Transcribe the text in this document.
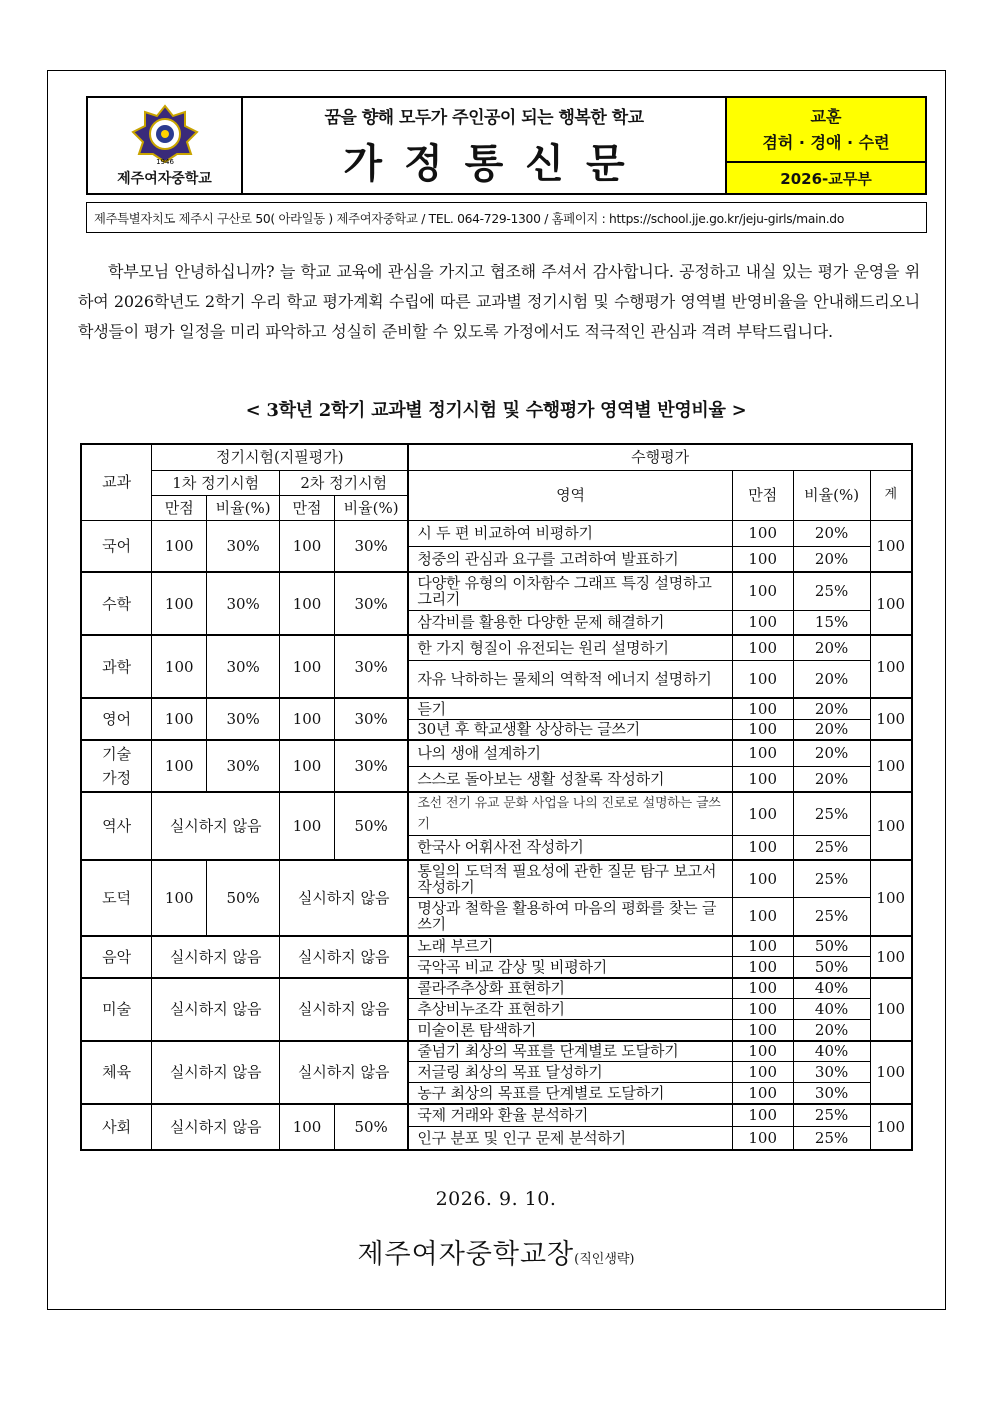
1946
제주여자중학교
꿈을 향해 모두가 주인공이 되는 행복한 학교
가정통신문
교훈
겸허 · 경애 · 수련
2026-교무부
제주특별자치도 제주시 구산로 50( 아라일동 ) 제주여자중학교 / TEL. 064-729-1300 / 홈페이지 : https://school.jje.go.kr/jeju-girls/main.do
학부모님 안녕하십니까? 늘 학교 교육에 관심을 가지고 협조해 주셔서 감사합니다. 공정하고 내실 있는 평가 운영을 위하여 2026학년도 2학기 우리 학교 평가계획 수립에 따른 교과별 정기시험 및 수행평가 영역별 반영비율을 안내해드리오니 학생들이 평가 일정을 미리 파악하고 성실히 준비할 수 있도록 가정에서도 적극적인 관심과 격려 부탁드립니다.
< 3학년 2학기 교과별 정기시험 및 수행평가 영역별 반영비율 >
교과	정기시험(지필평가)				수행평가			
	1차 정기시험		2차 정기시험		영역	만점	비율(%)	계
	만점	비율(%)	만점	비율(%)				
국어	100	30%	100	30%	시 두 편 비교하여 비평하기	100	20%	100
					청중의 관심과 요구를 고려하여 발표하기	100	20%	
수학	100	30%	100	30%	다양한 유형의 이차함수 그래프 특징 설명하고 그리기	100	25%	100
					삼각비를 활용한 다양한 문제 해결하기	100	15%	
과학	100	30%	100	30%	한 가지 형질이 유전되는 원리 설명하기	100	20%	100
					자유 낙하하는 물체의 역학적 에너지 설명하기	100	20%	
영어	100	30%	100	30%	듣기	100	20%	100
					30년 후 학교생활 상상하는 글쓰기	100	20%	
기술
가정	100	30%	100	30%	나의 생애 설계하기	100	20%	100
					스스로 돌아보는 생활 성찰록 작성하기	100	20%	
역사	실시하지 않음		100	50%	조선 전기 유교 문화 사업을 나의 진로로 설명하는 글쓰기	100	25%	100
					한국사 어휘사전 작성하기	100	25%	
도덕	100	50%	실시하지 않음		통일의 도덕적 필요성에 관한 질문 탐구 보고서 작성하기	100	25%	100
					명상과 철학을 활용하여 마음의 평화를 찾는 글쓰기	100	25%	
음악	실시하지 않음		실시하지 않음		노래 부르기	100	50%	100
					국악곡 비교 감상 및 비평하기	100	50%	
미술	실시하지 않음		실시하지 않음		콜라주추상화 표현하기	100	40%	100
					추상비누조각 표현하기	100	40%	
					미술이론 탐색하기	100	20%	
체육	실시하지 않음		실시하지 않음		줄넘기 최상의 목표를 단계별로 도달하기	100	40%	100
					저글링 최상의 목표 달성하기	100	30%	
					농구 최상의 목표를 단계별로 도달하기	100	30%	
사회	실시하지 않음		100	50%	국제 거래와 환율 분석하기	100	25%	100
					인구 분포 및 인구 문제 분석하기	100	25%	
2026. 9. 10.
제주여자중학교장(직인생략)
